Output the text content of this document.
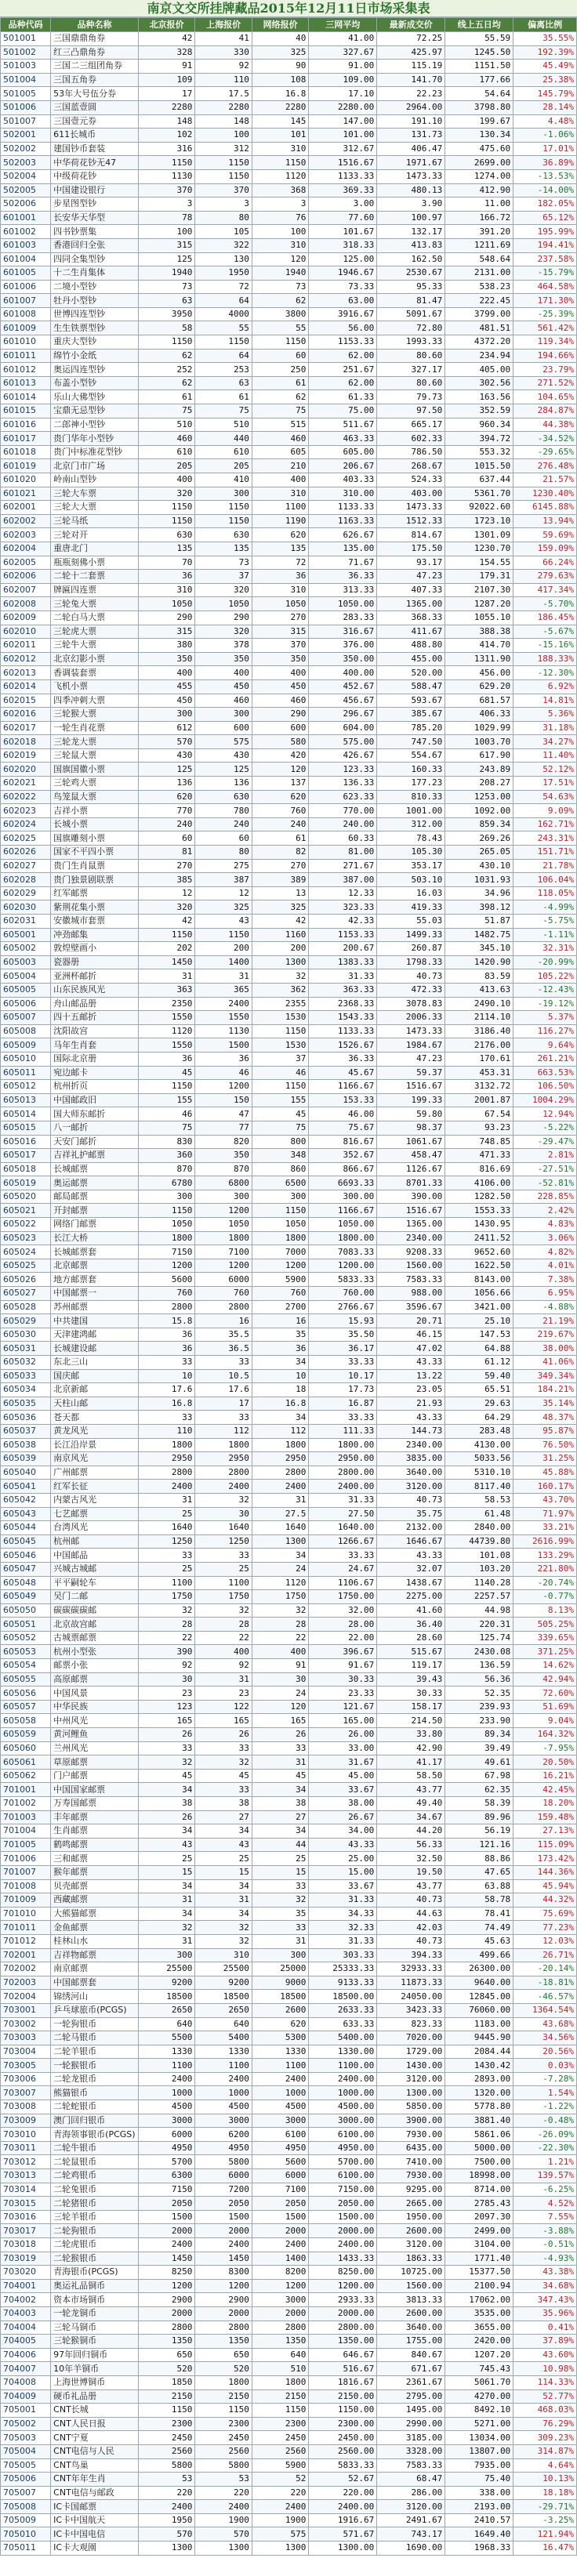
南京文交所挂牌藏品2015年12月11日市场采集表
品种代码	品种名称	北京报价	上海报价	网络报价	三网平均	最新成交价	线上五日均	偏离比例
501001	三国鼎鼎角券	42	41	40	41.00	72.25	55.59	35.55%
501002	红三凸鼎角券	328	330	325	327.67	425.97	1245.50	192.39%
501003	三国二三组团角券	91	92	90	91.00	115.19	1151.50	45.49%
501004	三国五角券	109	110	108	109.00	141.70	177.66	25.38%
501005	53年大号伍分券	17	17.5	16.8	17.10	22.23	54.64	145.79%
501006	三国蓝壹圆	2280	2280	2280	2280.00	2964.00	3798.80	28.14%
501007	三国壹元券	148	148	145	147.00	191.10	199.67	4.48%
502001	611长城币	102	100	101	101.00	131.73	130.34	-1.06%
502002	建国钞币套装	316	312	310	312.67	406.47	475.60	17.01%
502003	中华荷花钞无47	1150	1150	1150	1516.67	1971.67	2699.00	36.89%
502004	中级荷花钞	1130	1150	1120	1133.33	1473.33	1274.00	-13.53%
502005	中国建设银行	370	370	368	369.33	480.13	412.90	-14.00%
502006	步星图型钞	3	3	3	3.00	3.90	11.00	182.05%
601001	长安华天华型	78	80	76	77.60	100.97	166.72	65.12%
601002	四书钞票集	100	105	100	101.67	132.17	391.20	195.99%
601003	香港回归全张	315	322	310	318.33	413.83	1211.69	194.41%
601004	四同全集型钞	125	130	120	125.00	162.50	548.64	237.58%
601005	十二生肖集体	1940	1950	1940	1946.67	2530.67	2131.00	-15.79%
601006	二境小型钞	73	72	73	73.33	95.33	538.23	464.58%
601007	牡丹小型钞	63	64	62	63.00	81.47	222.45	171.30%
601008	世博四连型钞	3950	4000	3800	3916.67	5091.67	3799.00	-25.39%
601009	生生铁票型钞	58	55	55	56.00	72.80	481.51	561.42%
601010	重庆大型钞	1150	1150	1150	1153.33	1993.33	4372.20	119.34%
601011	绵竹小金纸	62	64	60	62.00	80.60	234.94	194.66%
601012	奥运四连型钞	252	253	250	251.67	327.17	405.00	23.79%
601013	布盖小型钞	62	63	61	62.00	80.60	302.56	271.52%
601014	乐山大佛型钞	61	61	62	61.33	79.73	163.56	104.65%
601015	宝鼎无忌型钞	75	75	75	75.00	97.50	352.59	284.87%
601016	二郎神小型钞	510	510	515	511.67	665.17	960.34	44.38%
601017	贵门华年小型钞	460	440	460	463.33	602.33	394.72	-34.52%
601018	贵门中标准花型钞	610	610	605	605.00	786.50	553.32	-29.65%
601019	北京门市广场	205	205	210	206.67	268.67	1015.50	276.48%
601020	岭南山型钞	400	410	400	403.33	524.33	637.44	21.57%
601021	三轮大车票	320	300	310	310.00	403.00	5361.70	1230.40%
602001	三轮大大票	1150	1150	1100	1133.33	1473.33	92022.60	6145.88%
602002	三轮马纸	1150	1150	1190	1163.33	1512.33	1723.10	13.94%
602003	三轮对开	630	630	620	626.67	814.67	1301.09	59.69%
602004	重唐北门	135	135	135	135.00	175.50	1230.70	159.09%
602005	瓶瓶刻佛小票	70	73	72	71.67	93.17	154.55	66.24%
602006	二轮十二套票	36	37	36	36.33	47.23	179.31	279.63%
602007	牌匾四连票	310	320	310	313.33	407.33	2107.30	417.34%
602008	三轮兔大票	1050	1050	1050	1050.00	1365.00	1287.20	-5.70%
602009	二轮白马大票	290	290	270	283.33	368.33	1055.10	186.45%
602010	三轮虎大票	315	320	315	316.67	411.67	388.38	-5.67%
602011	三轮牛大票	380	378	370	376.00	488.80	414.70	-15.16%
602012	北京幻影小票	350	350	350	350.00	455.00	1311.90	188.33%
602013	香调装套票	400	400	400	400.00	520.00	456.00	-12.30%
602014	飞机小票	455	450	450	452.67	588.47	629.20	6.92%
602015	四季冲刺大票	450	460	460	456.67	593.67	681.57	14.81%
602016	三轮猴大票	300	300	290	296.67	385.67	406.33	5.36%
602017	一轮生肖花票	612	600	600	604.00	785.20	1029.99	31.18%
602018	三轮龙大票	570	575	580	575.00	747.50	1003.70	34.27%
602019	三轮鼠大票	430	430	420	426.67	554.67	617.90	11.40%
602020	国旗国徽小票	125	125	120	123.33	160.33	243.89	52.12%
602021	三轮鸡大票	136	136	137	136.33	177.23	208.27	17.51%
602022	鸟笼鼠大票	620	630	620	623.33	810.33	1253.00	54.63%
602023	吉祥小票	770	780	760	770.00	1001.00	1092.00	9.09%
602024	长城小票	240	240	240	240.00	312.00	859.34	162.71%
602025	国旗雕刻小票	60	60	61	60.33	78.43	269.26	243.31%
602026	国家不平四小票	81	80	82	81.00	105.30	265.05	151.71%
602027	贵门生肖鼠票	270	275	270	271.67	353.17	430.10	21.78%
602028	贵门独景剧联票	385	387	389	387.00	503.10	1031.93	106.04%
602029	红军邮票	12	12	13	12.33	16.03	34.96	118.05%
602030	紫荆花集小票	320	325	325	323.33	419.33	398.12	-4.99%
602031	安徽城市套票	42	43	42	42.33	55.03	51.87	-5.75%
605001	冲劲邮集	1150	1150	1160	1153.33	1499.33	1482.75	-1.11%
605002	敦煌壁画小	202	200	200	200.67	260.87	345.10	32.31%
605003	瓷器册	1450	1400	1300	1383.33	1798.33	1420.90	-20.99%
605004	亚洲杯邮折	31	31	32	31.33	40.73	83.59	105.22%
605005	山东民族风光	363	365	362	363.33	472.33	413.63	-12.43%
605006	舟山邮品册	2350	2400	2355	2368.33	3078.83	2490.10	-19.12%
605007	四十五邮折	1550	1550	1530	1543.33	2006.33	2114.10	5.37%
605008	沈阳故宫	1120	1130	1150	1133.33	1473.33	3186.40	116.27%
605009	马年生肖套	1550	1500	1530	1526.67	1984.67	2176.00	9.64%
605010	国际北京册	36	36	37	36.33	47.23	170.61	261.21%
605011	宛边邮卡	45	46	46	45.67	59.37	453.31	663.53%
605012	杭州折页	1150	1200	1150	1166.67	1516.67	3132.72	106.50%
605013	中国邮政旧	155	150	155	153.33	199.33	2001.87	1004.29%
605014	国大师东邮折	46	47	45	46.00	59.80	67.54	12.94%
605015	八一邮折	75	77	75	75.67	98.37	93.23	-5.22%
605016	天安门邮折	830	820	800	816.67	1061.67	748.85	-29.47%
605017	吉祥礼护邮票	360	350	348	352.67	458.47	471.33	2.81%
605018	长城邮票	870	870	860	866.67	1126.67	816.69	-27.51%
605019	奥运邮票	6780	6800	6500	6693.33	8701.33	4106.00	-52.81%
605020	邮局邮票	300	300	300	300.00	390.00	1282.50	228.85%
605021	开封邮票	1150	1200	1150	1166.67	1516.67	1553.33	2.42%
605022	网络门邮票	1050	1050	1050	1050.00	1365.00	1430.95	4.83%
605023	长江大桥	1800	1800	1800	1800.00	2340.00	2411.52	3.06%
605024	长城邮票套	7150	7100	7000	7083.33	9208.33	9652.60	4.82%
605025	北京邮票	1200	1200	1200	1200.00	1560.00	1622.50	4.01%
605026	地方邮票套	5600	6000	5900	5833.33	7583.33	8143.00	7.38%
605027	中国邮票一	760	760	760	760.00	988.00	1056.66	6.95%
605028	苏州邮票	2800	2800	2700	2766.67	3596.67	3421.00	-4.88%
605029	中共建国	15.8	16	16	15.93	20.71	25.10	21.19%
605030	天津建鸿邮	36	35.5	35	35.50	46.15	147.53	219.67%
605031	长城建设邮	36	36.5	36	36.17	47.02	64.88	38.00%
605032	东北三山	33	33	34	33.33	43.33	61.12	41.06%
605033	国庆邮	10	10.5	10	10.17	13.22	59.40	349.34%
605034	北京新邮	17.6	17.6	18	17.73	23.05	65.51	184.21%
605035	天柱山邮	16.8	17	16.8	16.87	21.93	29.63	35.14%
605036	苍天都	33	33	34	33.33	43.33	64.29	48.37%
605037	黄龙风光	110	112	112	111.33	144.73	283.48	95.87%
605038	长江沿岸景	1800	1800	1800	1800.00	2340.00	4130.00	76.50%
605039	南京风光	2950	2950	2950	2950.00	3835.00	5033.56	31.25%
605040	广州邮票	2800	2800	2800	2800.00	3640.00	5310.10	45.88%
605041	红军长征	2400	2400	2400	2400.00	3120.00	8117.40	160.17%
605042	内蒙古风光	31	32	31	31.33	40.73	58.53	43.70%
605043	七艺邮票	25	30	27.5	27.50	35.75	61.48	71.97%
605044	台湾风光	1640	1640	1640	1640.00	2132.00	2840.00	33.21%
605045	杭州邮	1250	1250	1300	1266.67	1646.67	44739.80	2616.99%
605046	中国邮品	33	33	34	33.33	43.33	101.08	133.29%
605047	兴城古城邮	25	25	24	24.67	32.07	103.20	221.80%
605048	平平嗣轮车	1100	1100	1120	1106.67	1438.67	1140.28	-20.74%
605049	吴门二邮	1750	1750	1750	1750.00	2275.00	2257.57	-0.77%
605050	碳碳碳碳邮	32	32	32	32.00	41.60	44.98	8.13%
605051	北京故宫邮	28	28	28	28.00	36.40	220.31	505.25%
605052	古城票邮票	22	22	22	22.00	28.60	125.74	339.65%
605053	杭州小型张	390	400	400	396.67	515.67	2430.08	371.25%
605054	邮票小张	92	92	91	91.67	119.17	136.59	14.62%
605055	高原邮票	30	31	30	30.33	39.43	56.36	42.94%
605056	中国风景	23	23	24	23.33	30.33	52.35	72.60%
605057	中华民族	123	122	120	121.67	158.17	239.93	51.69%
605058	中州风光	165	165	165	165.00	214.50	233.90	9.04%
605059	黄河鲤鱼	26	26	26	26.00	33.80	89.34	164.32%
605060	兰州风光	33	33	33	33.00	42.90	39.49	-7.95%
605061	草原邮票	32	32	31	31.67	41.17	49.61	20.50%
605062	门户邮票	45	45	45	45.00	58.50	67.98	16.21%
701001	中国国家邮票	34	33	34	33.67	43.77	62.35	42.45%
701002	万寿国邮票	38	38	38	38.00	49.40	58.39	18.20%
701003	丰年邮票	26	27	27	26.67	34.67	89.96	159.48%
701004	生肖邮票	34	34	34	34.00	44.20	56.19	27.13%
701005	鹤鸣邮票	43	43	44	43.33	56.33	121.16	115.09%
701006	三和邮票	25	25	25	25.00	32.50	88.86	173.42%
701007	猴年邮票	15	15	15	15.00	19.50	47.65	144.36%
701008	贝壳邮票	34	34	33	33.67	43.77	63.88	45.94%
701009	西藏邮票	31	31	32	31.33	40.73	58.78	44.32%
701010	大熊猫邮票	34	34	35	34.33	44.63	78.41	75.69%
701011	金鱼邮票	32	32	33	32.33	42.03	74.49	77.23%
701012	桂林山水	31	32	31	31.33	40.73	45.63	12.03%
702001	吉祥物邮票	300	310	300	303.33	394.33	499.66	26.71%
702002	南京邮票	25500	25500	25000	25333.33	32933.33	26300.00	-20.14%
702003	中国邮票套	9200	9200	9000	9133.33	11873.33	9640.00	-18.81%
702004	锦绣河山	18500	18500	18500	18500.00	24050.00	12845.00	-46.57%
703001	乒乓球旅币(PCGS)	2650	2650	2600	2633.33	3423.33	76060.00	1364.54%
703002	一轮狗银币	640	640	620	633.33	823.33	1183.00	43.68%
703003	二轮马银币	5500	5400	5300	5400.00	7020.00	9445.90	34.56%
703004	二轮羊银币	1330	1330	1330	1330.00	1729.00	2084.44	20.56%
703005	一轮猴银币	1100	1100	1100	1100.00	1430.00	1430.42	0.03%
703006	二轮龙银币	2400	2400	2400	2400.00	3120.00	2893.00	-7.28%
703007	熊猫银币	1000	1000	1000	1000.00	1300.00	1320.00	1.54%
703008	二轮蛇银币	4500	4500	4500	4500.00	5850.00	5778.80	-1.22%
703009	澳门回归银币	3000	3000	3000	3000.00	3900.00	3881.40	-0.48%
703010	青海领事银币(PCGS)	6000	6200	6100	6100.00	7930.00	5861.06	-26.09%
703011	二轮牛银币	4950	4950	4950	4950.00	6435.00	5000.00	-22.30%
703012	二轮鼠银币	5700	5800	5600	5700.00	7410.00	7500.00	1.21%
703013	二轮鸡银币	6300	6000	6000	6100.00	7930.00	18998.00	139.57%
703014	二轮兔银币	7150	7200	7100	7150.00	9295.00	8714.00	-6.25%
703015	二轮猪银币	2050	2050	2050	2050.00	2665.00	2785.43	4.52%
703016	三轮羊银币	1500	1500	1500	1500.00	1950.00	2097.30	7.55%
703017	二轮狗银币	2000	2000	2000	2000.00	2600.00	2499.00	-3.88%
703018	二轮虎银币	2400	2400	2400	2400.00	3120.00	3104.00	-0.51%
703019	二轮猴银币	1450	1450	1400	1433.33	1863.33	1771.40	-4.93%
703020	青海银币(PCGS)	8250	8300	8200	8250.00	10725.00	15377.50	43.38%
704001	奥运礼品铜币	1200	1200	1200	1200.00	1560.00	2100.94	34.68%
704002	资本市场铜币	2900	2900	3000	2933.33	3813.33	17062.00	347.43%
704003	一轮龙铜币	2000	2000	2000	2000.00	2600.00	3535.00	35.96%
704004	三轮马铜币	2800	2800	2800	2800.00	3640.00	3655.00	0.41%
704005	三轮猴铜币	1350	1350	1350	1350.00	1755.00	2420.00	37.89%
704006	97年回归铜币	650	650	640	646.67	840.67	1207.20	43.60%
704007	10年羊铜币	520	520	510	516.67	671.67	745.43	10.98%
704008	上海世博铜币	1850	1800	1800	1816.67	2361.67	5061.70	114.33%
704009	硬币礼品册	2150	2150	2150	2150.00	2795.00	4270.00	52.77%
705001	CNT长城	1150	1150	1150	1150.00	1495.00	8492.10	468.03%
705002	CNT人民日报	2300	2300	2300	2300.00	2990.00	5271.00	76.29%
705003	CNT宁夏	2450	2450	2450	2450.00	3185.00	13034.00	309.23%
705004	CNT电信与人民	2560	2560	2560	2560.00	3328.00	13807.00	314.87%
705005	CNT鸟巢	5800	5800	5900	5833.33	7583.33	7935.00	4.64%
705006	CNT年年生肖	53	53	52	52.67	68.47	75.40	10.13%
705007	CNT电信与邮政	220	220	220	220.00	286.00	338.00	18.18%
705008	IC卡国邮票	2400	2400	2400	2400.00	3120.00	2193.00	-29.71%
705009	IC卡中国航天	1950	1900	1900	1916.67	2491.67	2410.57	-3.25%
705010	IC卡中国电信	570	570	575	571.67	743.17	1649.40	121.94%
705011	IC卡大观園	1300	1300	1300	1300.00	1690.00	1968.33	16.47%
